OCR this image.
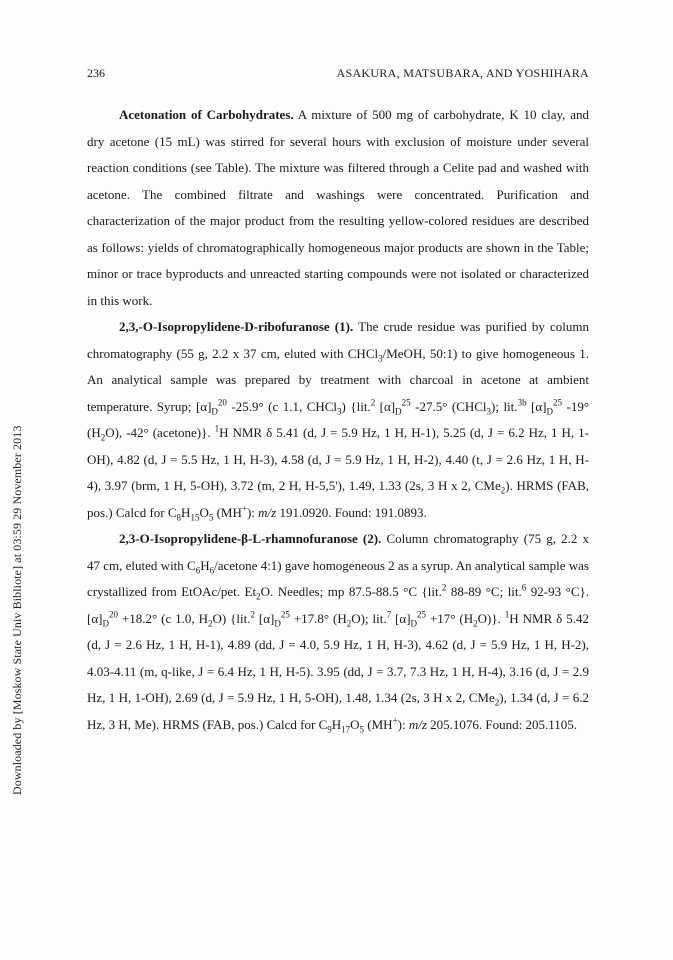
Downloaded by [Moskow State Univ Bibliote] at 03:59 29 November 2013
236	ASAKURA, MATSUBARA, AND YOSHIHARA

Acetonation of Carbohydrates. A mixture of 500 mg of carbohydrate, K 10 clay, and dry acetone (15 mL) was stirred for several hours with exclusion of moisture under several reaction conditions (see Table). The mixture was filtered through a Celite pad and washed with acetone. The combined filtrate and washings were concentrated. Purification and characterization of the major product from the resulting yellow-colored residues are described as follows: yields of chromatographically homogeneous major products are shown in the Table; minor or trace byproducts and unreacted starting compounds were not isolated or characterized in this work.

2,3,-O-Isopropylidene-D-ribofuranose (1). The crude residue was purified by column chromatography (55 g, 2.2 x 37 cm, eluted with CHCl$_3$/MeOH, 50:1) to give homogeneous 1. An analytical sample was prepared by treatment with charcoal in acetone at ambient temperature. Syrup; $[\alpha]_D^{20}$ -25.9° (c 1.1, CHCl$_3$) {lit.$^2$ $[\alpha]_D^{25}$ -27.5° (CHCl$_3$); lit.$^{3b}$ $[\alpha]_D^{25}$ -19° $(H_2O)$, -42° (acetone)}. $^1$H NMR δ 5.41 (d, J = 5.9 Hz, 1 H, H-1), 5.25 (d, J = 6.2 Hz, 1 H, 1-OH), 4.82 (d, J = 5.5 Hz, 1 H, H-3), 4.58 (d, J = 5.9 Hz, 1 H, H-2), 4.40 (t, J = 2.6 Hz, 1 H, H-4), 3.97 (brm, 1 H, 5-OH), 3.72 (m, 2 H, H-5,5'), 1.49, 1.33 (2s, 3 H x 2, CMe$_2$). HRMS (FAB, pos.) Calcd for $C_8H_{15}O_5$ (MH+): m/z 191.0920. Found: 191.0893.

2,3-O-Isopropylidene-β-L-rhamnofuranose (2). Column chromatography (75 g, 2.2 x 47 cm, eluted with $C_6H_6$/acetone 4:1) gave homogeneous 2 as a syrup. An analytical sample was crystallized from EtOAc/pet. $Et_2O$. Needles; mp 87.5-88.5 °C {lit.$^2$ 88-89 °C; lit.$^6$ 92-93 °C}. $[\alpha]_D^{20} +18.2^\circ$ (c 1.0, $H_2O$) {lit.$^2$ $[\alpha]_D^{25} +17.8^\circ$ $(H_2O)$; lit.$^7$ $[\alpha]_D^{25} +17^\circ$ $(H_2O)$}. $^1$H NMR δ 5.42 (d, J = 2.6 Hz, 1 H, H-1), 4.89 (dd, J = 4.0, 5.9 Hz, 1 H, H-3), 4.62 (d, J = 5.9 Hz, 1 H, H-2), 4.03-4.11 (m, q-like, J = 6.4 Hz, 1 H, H-5). 3.95 (dd, J = 3.7, 7.3 Hz, 1 H, H-4), 3.16 (d, J = 2.9 Hz, 1 H, 1-OH), 2.69 (d, J = 5.9 Hz, 1 H, 5-OH), 1.48, 1.34 (2s, 3 H x 2, CMe$_2$), 1.34 (d, J = 6.2 Hz, 3 H, Me). HRMS (FAB, pos.) Calcd for $C_9H_{17}O_5$ (MH+): m/z 205.1076. Found: 205.1105.
